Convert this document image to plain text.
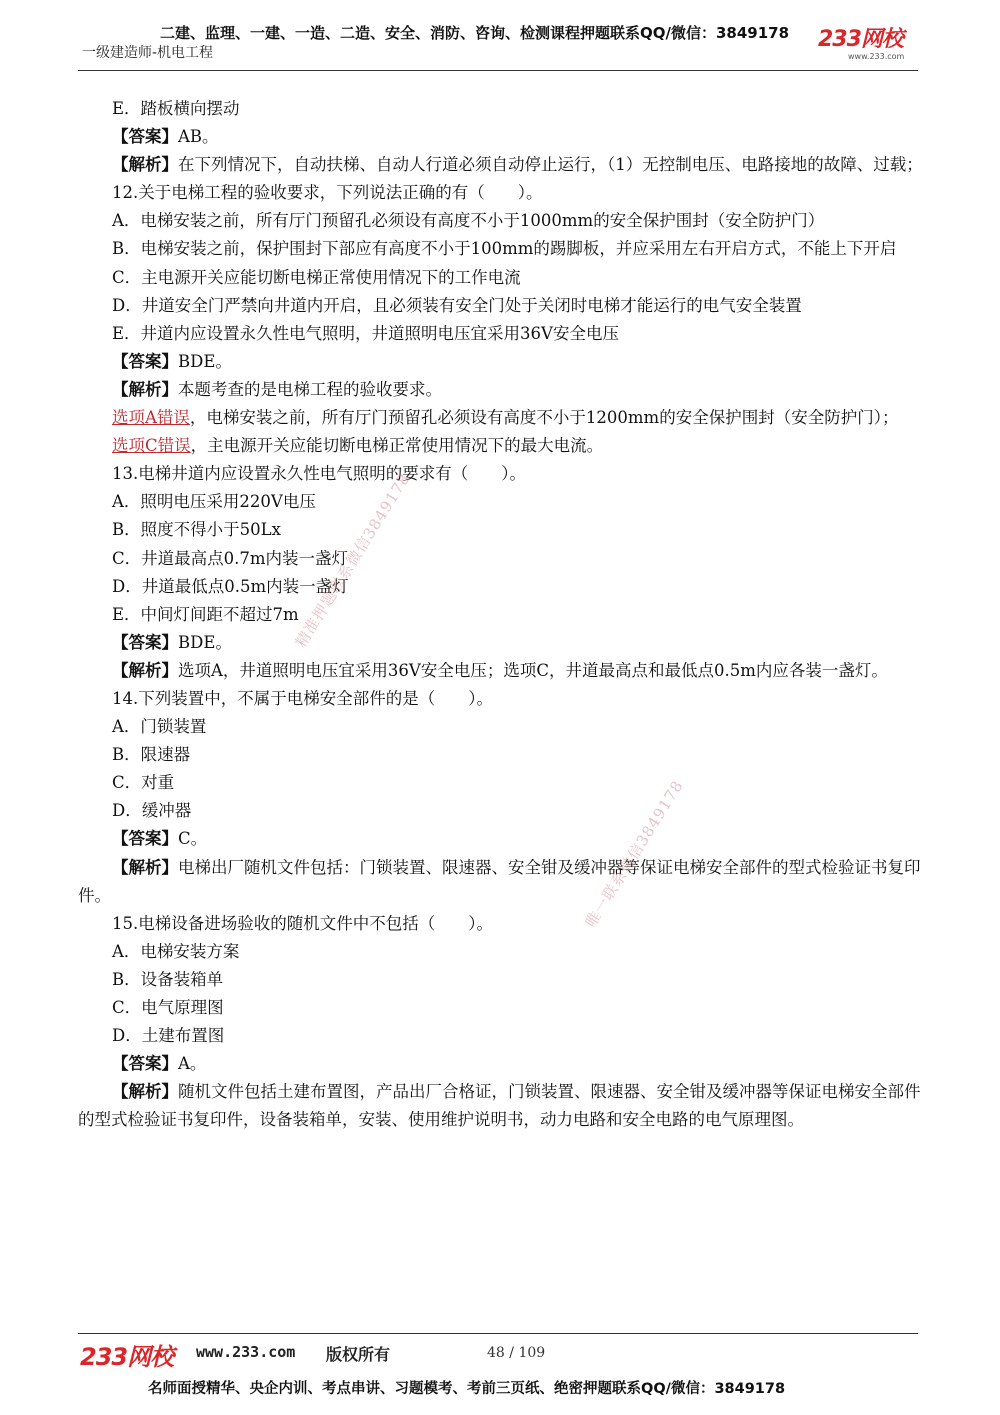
二建、监理、一建、一造、二造、安全、消防、咨询、检测课程押题联系QQ/微信：3849178
一级建造师-机电工程
233网校
www.233.com

E．踏板横向摆动

【答案】AB。

【解析】在下列情况下，自动扶梯、自动人行道必须自动停止运行，（1）无控制电压、电路接地的故障、过载；

12.关于电梯工程的验收要求，下列说法正确的有（　　）。

A．电梯安装之前，所有厅门预留孔必须设有高度不小于1000mm的安全保护围封（安全防护门）

B．电梯安装之前，保护围封下部应有高度不小于100mm的踢脚板，并应采用左右开启方式，不能上下开启

C．主电源开关应能切断电梯正常使用情况下的工作电流

D．井道安全门严禁向井道内开启，且必须装有安全门处于关闭时电梯才能运行的电气安全装置

E．井道内应设置永久性电气照明，井道照明电压宜采用36V安全电压

【答案】BDE。

【解析】本题考查的是电梯工程的验收要求。

选项A错误，电梯安装之前，所有厅门预留孔必须设有高度不小于1200mm的安全保护围封（安全防护门）；

选项C错误，主电源开关应能切断电梯正常使用情况下的最大电流。

13.电梯井道内应设置永久性电气照明的要求有（　　）。

A．照明电压采用220V电压

B．照度不得小于50Lx

C．井道最高点0.7m内装一盏灯

D．井道最低点0.5m内装一盏灯

E．中间灯间距不超过7m

【答案】BDE。

【解析】选项A，井道照明电压宜采用36V安全电压；选项C，井道最高点和最低点0.5m内应各装一盏灯。

14.下列装置中，不属于电梯安全部件的是（　　）。

A．门锁装置

B．限速器

C．对重

D．缓冲器

【答案】C。

【解析】电梯出厂随机文件包括：门锁装置、限速器、安全钳及缓冲器等保证电梯安全部件的型式检验证书复印件。

15.电梯设备进场验收的随机文件中不包括（　　）。

A．电梯安装方案

B．设备装箱单

C．电气原理图

D．土建布置图

【答案】A。

【解析】随机文件包括土建布置图，产品出厂合格证，门锁装置、限速器、安全钳及缓冲器等保证电梯安全部件的型式检验证书复印件，设备装箱单，安装、使用维护说明书，动力电路和安全电路的电气原理图。

精准押题联系微信3849178
唯一联系微信3849178
233网校 www.233.com 版权所有	48 / 109
名师面授精华、央企内训、考点串讲、习题模考、考前三页纸、绝密押题联系QQ/微信：3849178
